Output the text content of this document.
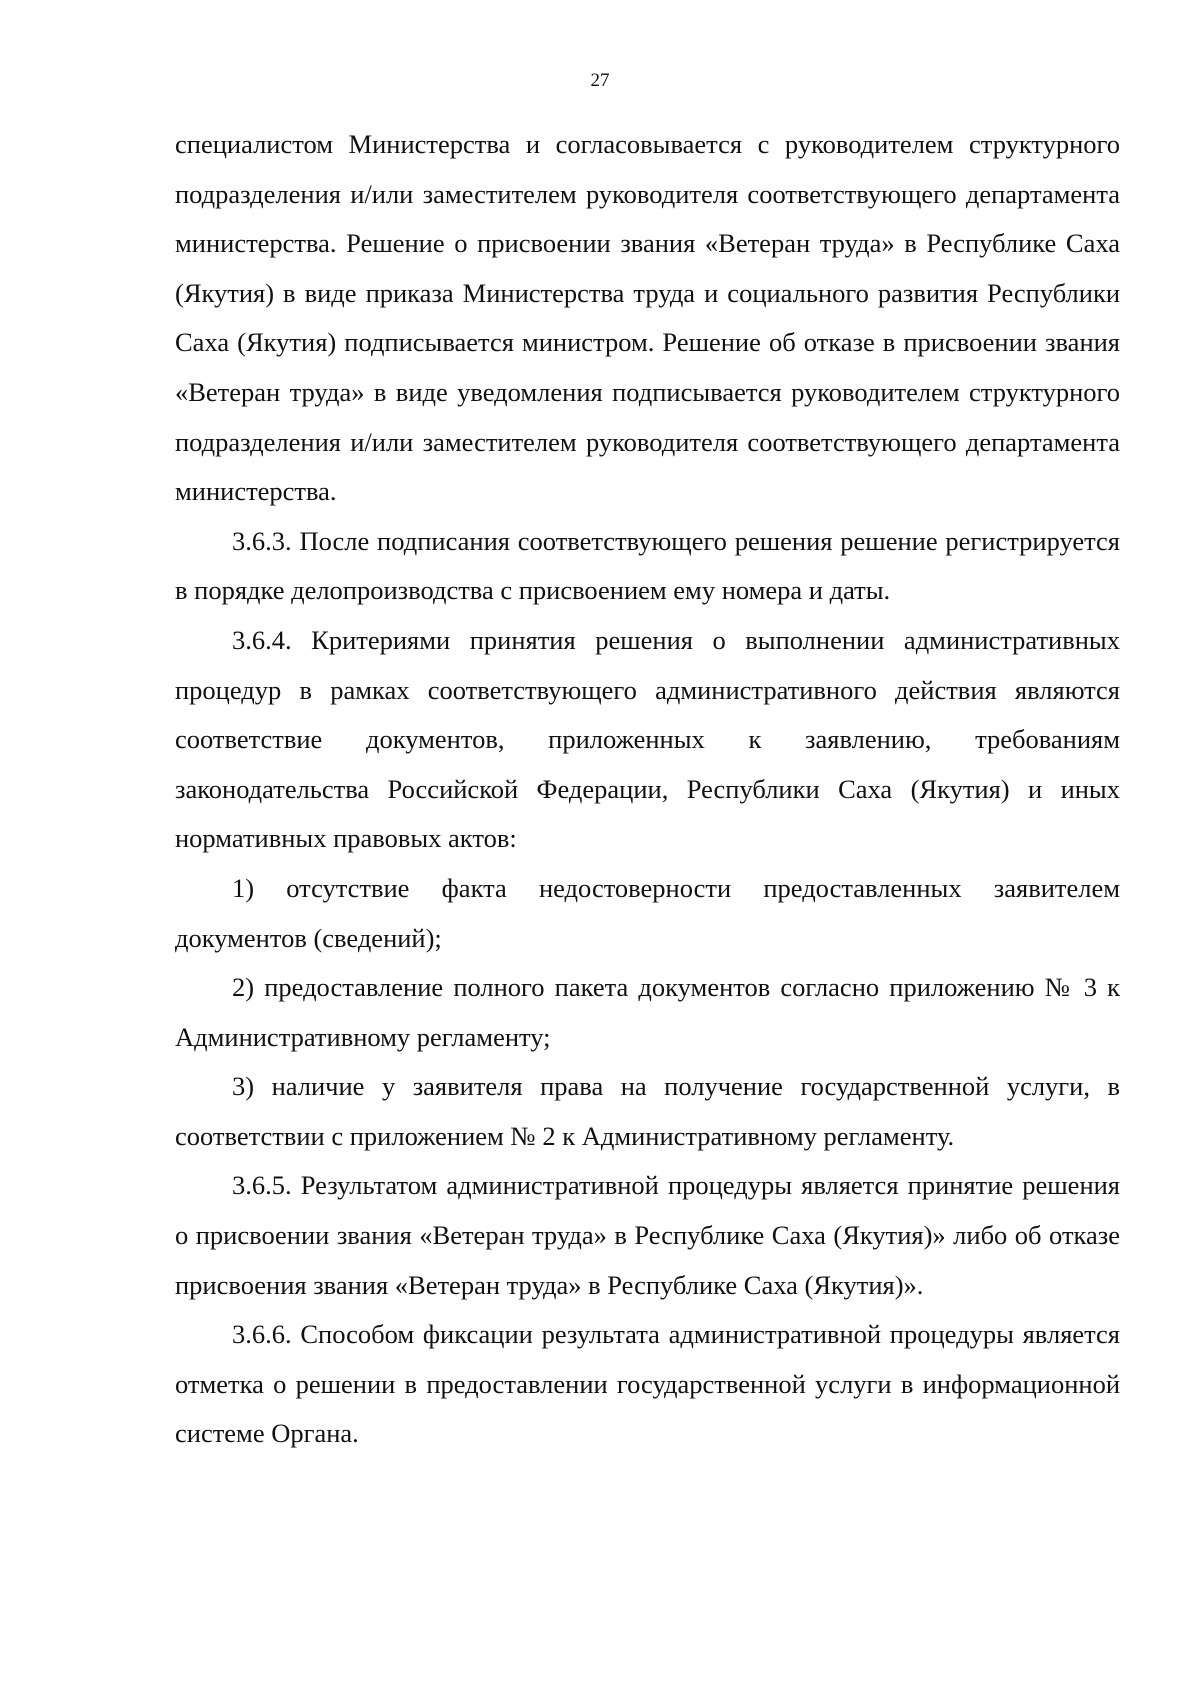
27

специалистом Министерства и согласовывается с руководителем структурного подразделения и/или заместителем руководителя соответствующего департамента министерства. Решение о присвоении звания «Ветеран труда» в Республике Саха (Якутия) в виде приказа Министерства труда и социального развития Республики Саха (Якутия) подписывается министром. Решение об отказе в присвоении звания «Ветеран труда» в виде уведомления подписывается руководителем структурного подразделения и/или заместителем руководителя соответствующего департамента министерства.

3.6.3. После подписания соответствующего решения решение регистрируется в порядке делопроизводства с присвоением ему номера и даты.

3.6.4. Критериями принятия решения о выполнении административных процедур в рамках соответствующего административного действия являются соответствие документов, приложенных к заявлению, требованиям законодательства Российской Федерации, Республики Саха (Якутия) и иных нормативных правовых актов:

1) отсутствие факта недостоверности предоставленных заявителем документов (сведений);

2) предоставление полного пакета документов согласно приложению № 3 к Административному регламенту;

3) наличие у заявителя права на получение государственной услуги, в соответствии с приложением № 2 к Административному регламенту.

3.6.5. Результатом административной процедуры является принятие решения о присвоении звания «Ветеран труда» в Республике Саха (Якутия)» либо об отказе присвоения звания «Ветеран труда» в Республике Саха (Якутия)».

3.6.6. Способом фиксации результата административной процедуры является отметка о решении в предоставлении государственной услуги в информационной системе Органа.
